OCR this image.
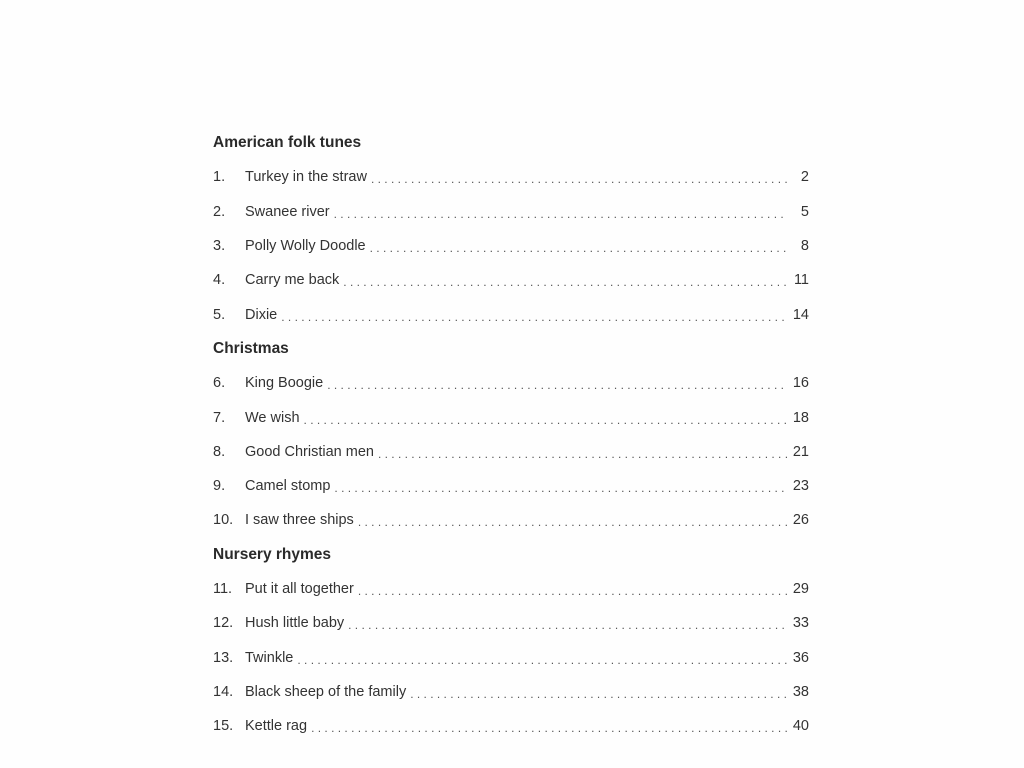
American folk tunes
1.	Turkey in the straw . . .	2
2.	Swanee river . . .	5
3.	Polly Wolly Doodle . . .	8
4.	Carry me back . . .	11
5.	Dixie . . .	14
Christmas
6.	King Boogie . . .	16
7.	We wish . . .	18
8.	Good Christian men . . .	21
9.	Camel stomp . . .	23
10. I saw three ships . . .	26
Nursery rhymes
11. Put it all together . . .	29
12. Hush little baby . . .	33
13. Twinkle . . .	36
14. Black sheep of the family . . .	38
15. Kettle rag . . .	40
